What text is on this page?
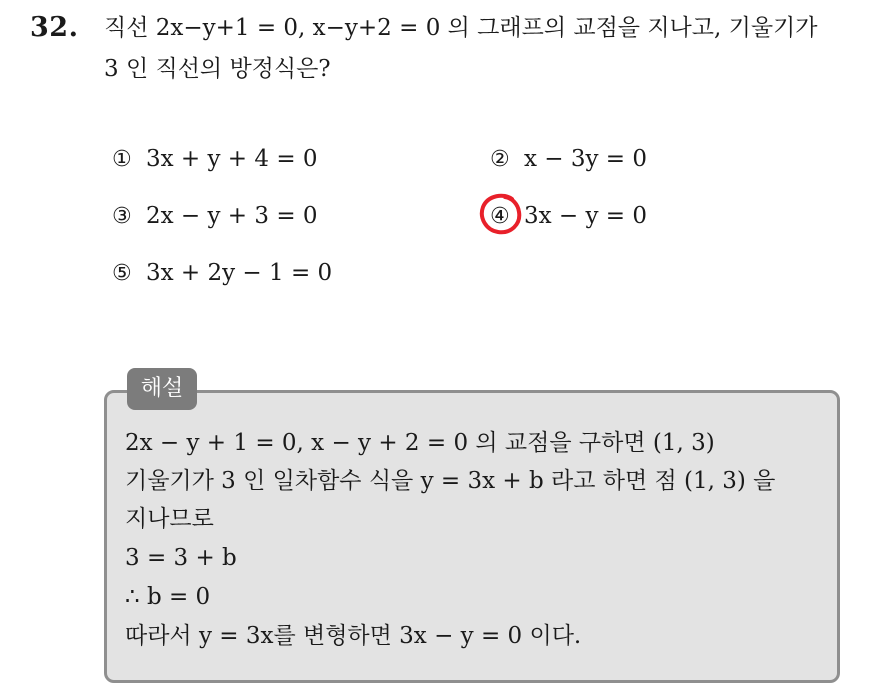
32. 직선 2x−y+1 = 0, x−y+2 = 0 의 그래프의 교점을 지나고, 기울기가
3 인 직선의 방정식은?
① 3x + y + 4 = 0	② x − 3y = 0
③ 2x − y + 3 = 0	④ 3x − y = 0
⑤ 3x + 2y − 1 = 0
해설
2x − y + 1 = 0, x − y + 2 = 0 의 교점을 구하면 (1, 3)
기울기가 3 인 일차함수 식을 y = 3x + b 라고 하면 점 (1, 3) 을
지나므로
3 = 3 + b
∴ b = 0
따라서 y = 3x를 변형하면 3x − y = 0 이다.
